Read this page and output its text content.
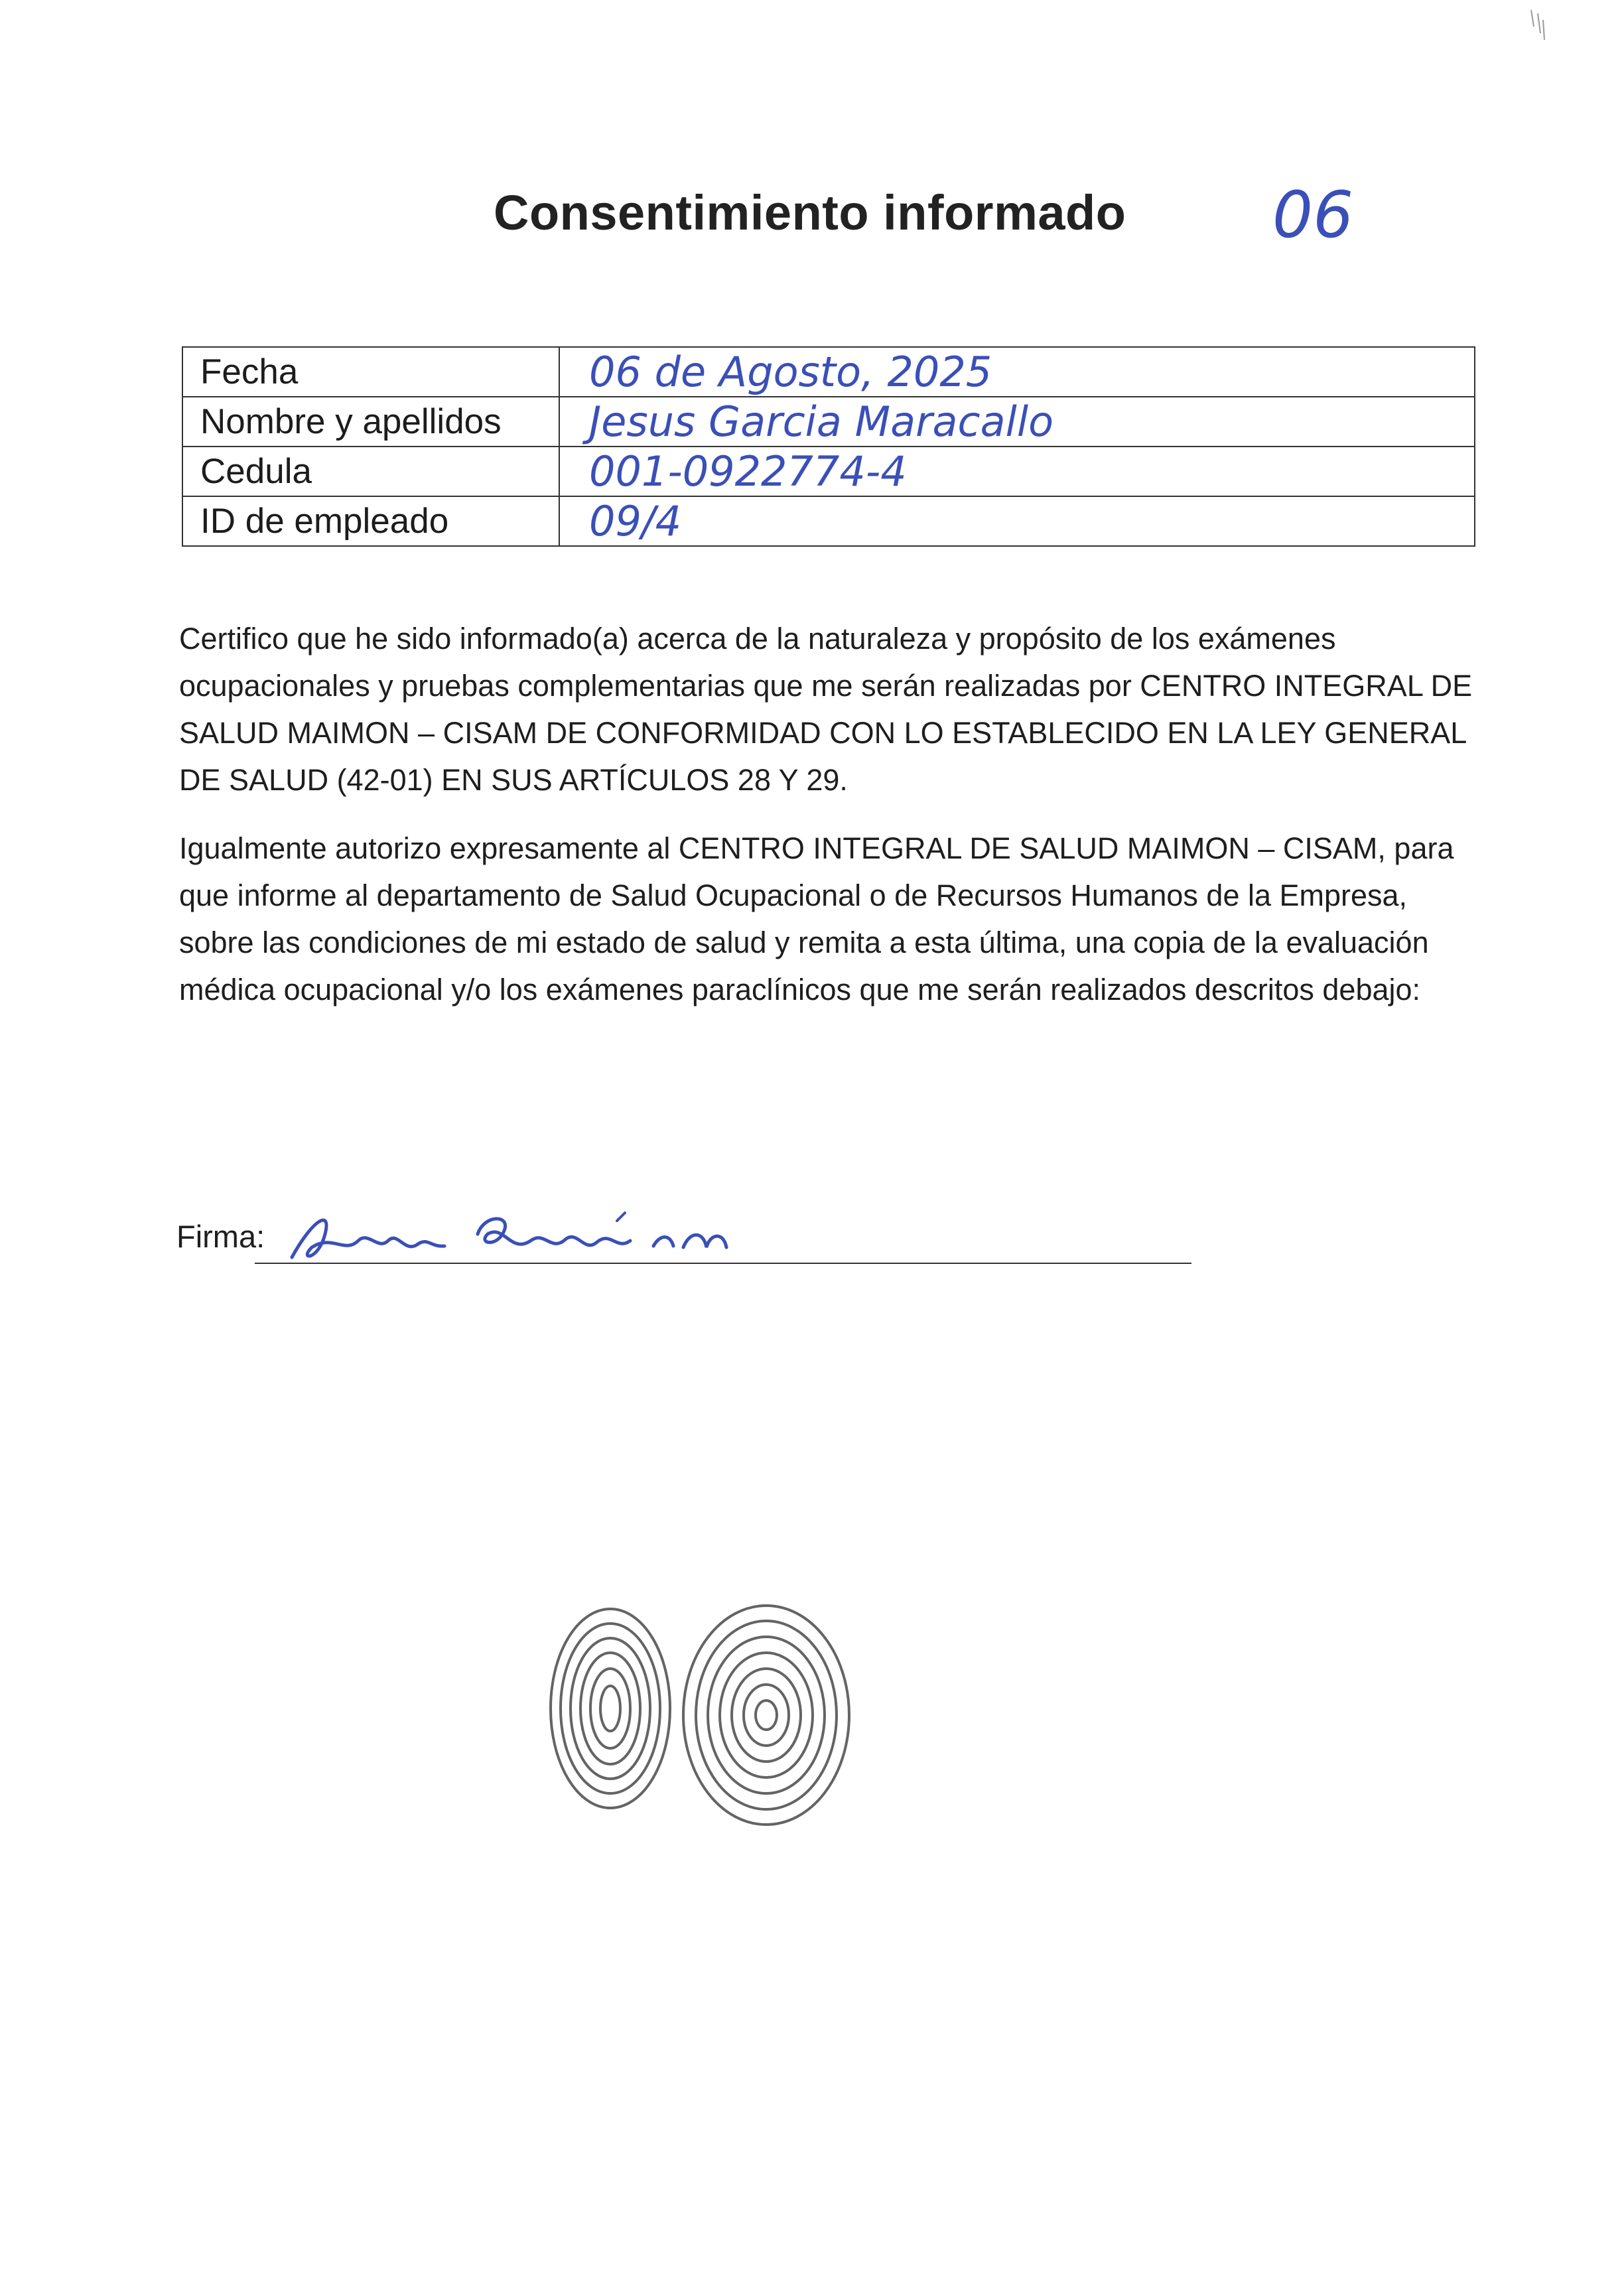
Consentimiento informado 06
Fecha	06 de Agosto, 2025
Nombre y apellidos	Jesus Garcia Maracallo
Cedula	001-0922774-4
ID de empleado	09/4
Certifico que he sido informado(a) acerca de la naturaleza y propósito de los exámenes ocupacionales y pruebas complementarias que me serán realizadas por CENTRO INTEGRAL DE SALUD MAIMON – CISAM DE CONFORMIDAD CON LO ESTABLECIDO EN LA LEY GENERAL DE SALUD (42-01) EN SUS ARTÍCULOS 28 Y 29.
Igualmente autorizo expresamente al CENTRO INTEGRAL DE SALUD MAIMON – CISAM, para que informe al departamento de Salud Ocupacional o de Recursos Humanos de la Empresa, sobre las condiciones de mi estado de salud y remita a esta última, una copia de la evaluación médica ocupacional y/o los exámenes paraclínicos que me serán realizados descritos debajo:
Firma:
